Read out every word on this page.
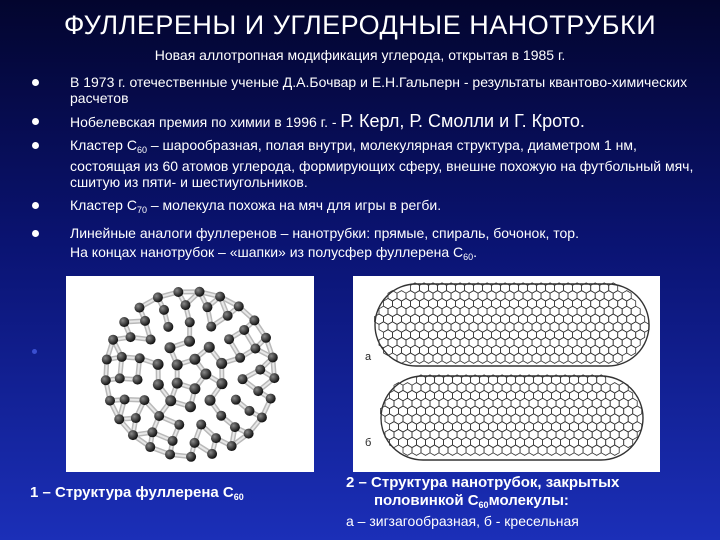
ФУЛЛЕРЕНЫ И УГЛЕРОДНЫЕ НАНОТРУБКИ
Новая аллотропная модификация углерода, открытая в 1985 г.
В 1973 г. отечественные ученые Д.А.Бочвар и Е.Н.Гальперн - результаты квантово-химических расчетов
Нобелевская премия по химии в 1996 г. - Р. Керл, Р. Смолли и Г. Крото.
Кластер $С_{60}$ – шарообразная, полая внутри, молекулярная структура, диаметром 1 нм, состоящая из 60 атомов углерода, формирующих сферу, внешне похожую на футбольный мяч, сшитую из пяти- и шестиугольников.
Кластер $С_{70}$ – молекула похожа на мяч для игры в регби.
Линейные аналоги фуллеренов – нанотрубки: прямые, спираль, бочонок, тор.
На концах нанотрубок – «шапки» из полусфер фуллерена $С_{60}$.
а
б
1 – Структура фуллерена $С_{60}$
2 – Структура нанотрубок, закрытых
половинкой $С_{60}молекулы$:
а – зигзагообразная, б - кресельная
